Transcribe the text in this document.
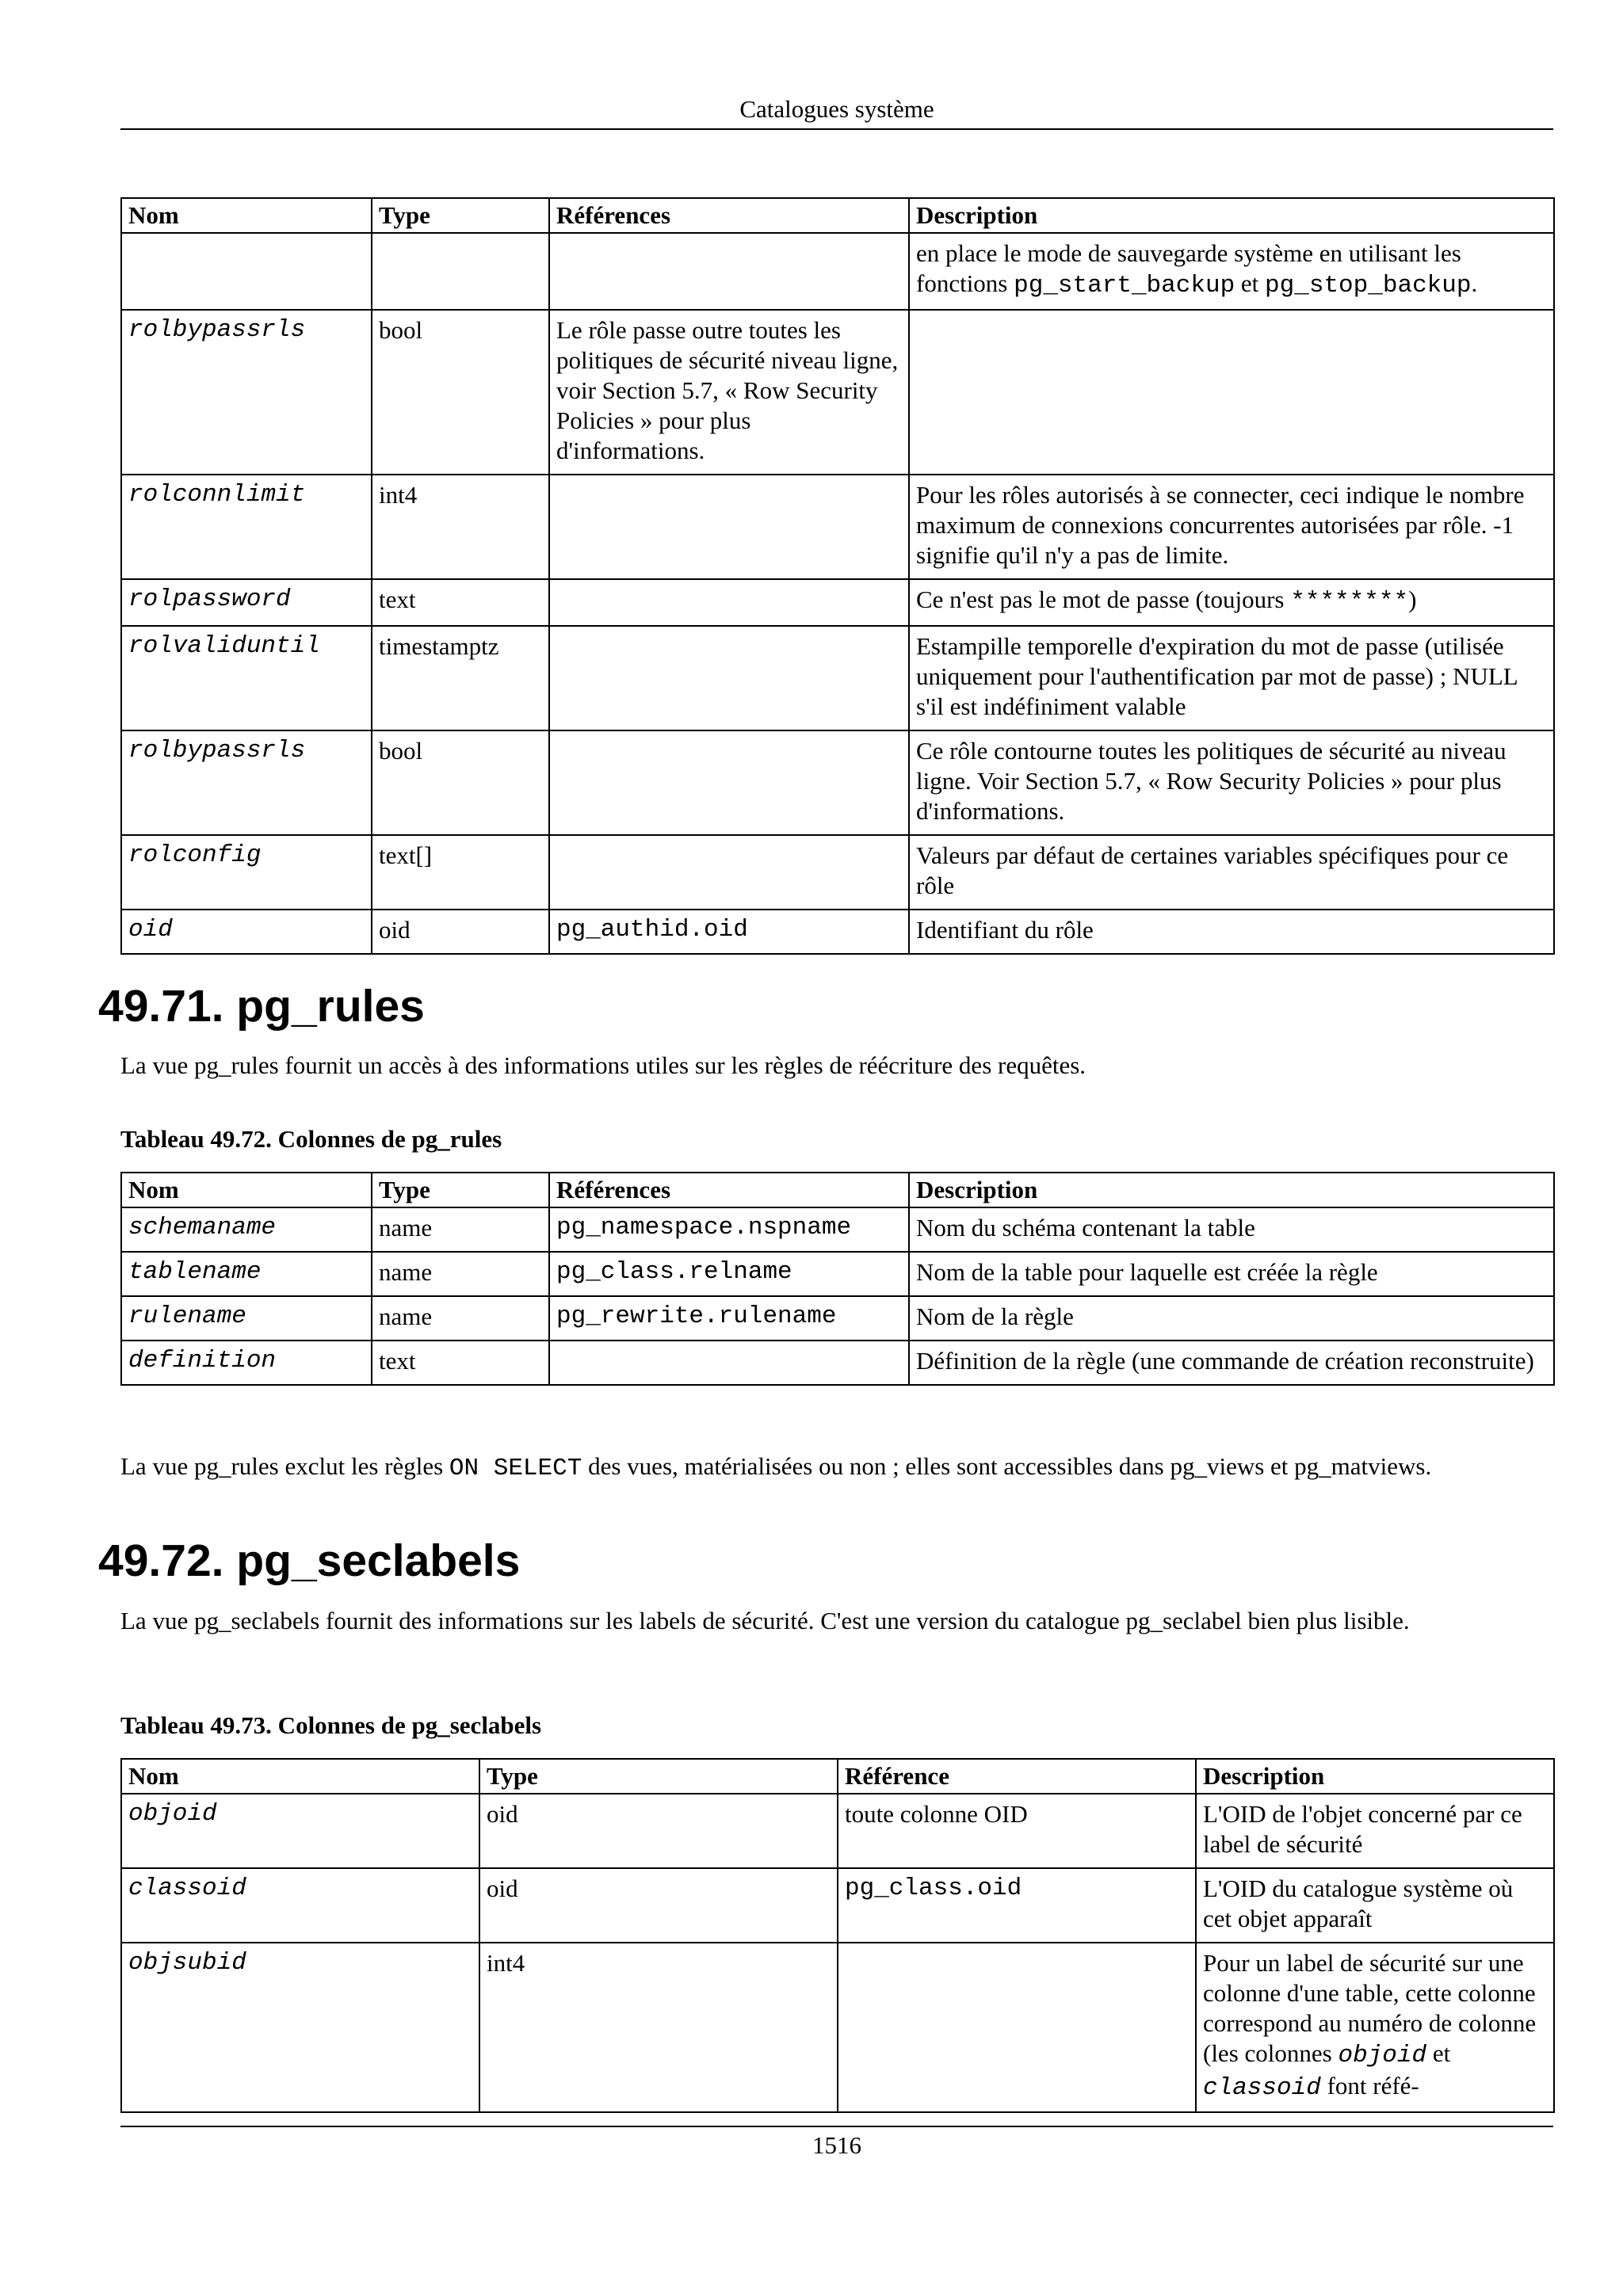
Catalogues système
Nom	Type	Références	Description
			en place le mode de sauvegarde système en utilisant les fonctions pg_start_backup et pg_stop_backup.
rolbypassrls	bool	Le rôle passe outre toutes les politiques de sécurité niveau ligne, voir Section 5.7, « Row Security Policies » pour plus d'informations.	
rolconnlimit	int4		Pour les rôles autorisés à se connecter, ceci indique le nombre maximum de connexions concurrentes autorisées par rôle. -1 signifie qu'il n'y a pas de limite.
rolpassword	text		Ce n'est pas le mot de passe (toujours ********)
rolvaliduntil	timestamptz		Estampille temporelle d'expiration du mot de passe (utilisée uniquement pour l'authentification par mot de passe) ; NULL s'il est indéfiniment valable
rolbypassrls	bool		Ce rôle contourne toutes les politiques de sécurité au niveau ligne. Voir Section 5.7, « Row Security Policies » pour plus d'informations.
rolconfig	text[]		Valeurs par défaut de certaines variables spécifiques pour ce rôle
oid	oid	pg_authid.oid	Identifiant du rôle
49.71. pg_rules

La vue pg_rules fournit un accès à des informations utiles sur les règles de réécriture des requêtes.

Tableau 49.72. Colonnes de pg_rules
Nom	Type	Références	Description
schemaname	name	pg_namespace.nspname	Nom du schéma contenant la table
tablename	name	pg_class.relname	Nom de la table pour laquelle est créée la règle
rulename	name	pg_rewrite.rulename	Nom de la règle
definition	text		Définition de la règle (une commande de création reconstruite)

La vue pg_rules exclut les règles ON SELECT des vues, matérialisées ou non ; elles sont accessibles dans pg_views et pg_matviews.

49.72. pg_seclabels

La vue pg_seclabels fournit des informations sur les labels de sécurité. C'est une version du catalogue pg_seclabel bien plus lisible.

Tableau 49.73. Colonnes de pg_seclabels
Nom	Type	Référence	Description
objoid	oid	toute colonne OID	L'OID de l'objet concerné par ce label de sécurité
classoid	oid	pg_class.oid	L'OID du catalogue système où cet objet apparaît
objsubid	int4		Pour un label de sécurité sur une colonne d'une table, cette colonne correspond au numéro de colonne (les colonnes objoid et classoid font réfé-
1516
